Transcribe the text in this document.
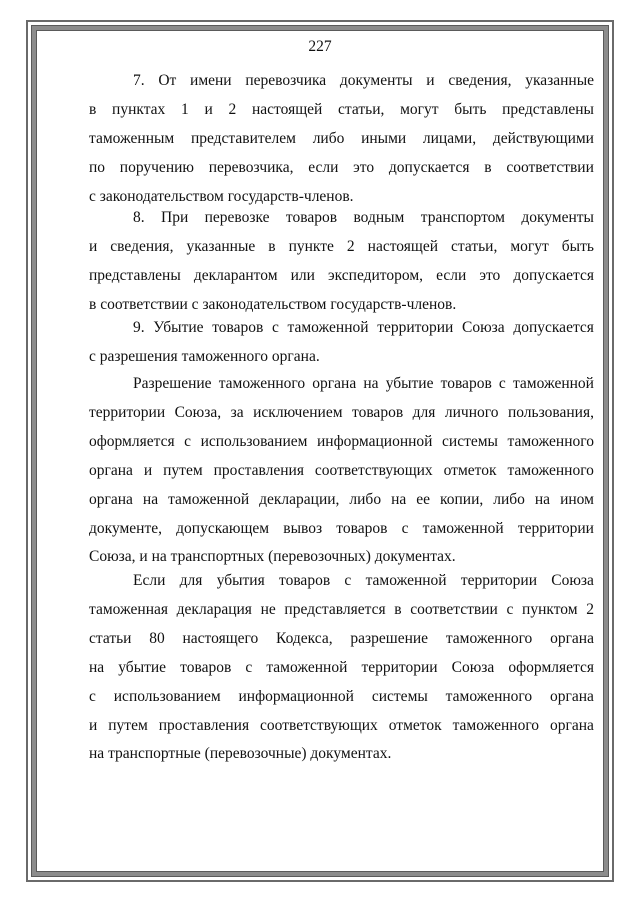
227
7. От имени перевозчика документы и сведения, указанные
в пунктах 1 и 2 настоящей статьи, могут быть представлены
таможенным представителем либо иными лицами, действующими
по поручению перевозчика, если это допускается в соответствии
с законодательством государств-членов.
8. При перевозке товаров водным транспортом документы
и сведения, указанные в пункте 2 настоящей статьи, могут быть
представлены декларантом или экспедитором, если это допускается
в соответствии с законодательством государств-членов.
9. Убытие товаров с таможенной территории Союза допускается
с разрешения таможенного органа.
Разрешение таможенного органа на убытие товаров с таможенной
территории Союза, за исключением товаров для личного пользования,
оформляется с использованием информационной системы таможенного
органа и путем проставления соответствующих отметок таможенного
органа на таможенной декларации, либо на ее копии, либо на ином
документе, допускающем вывоз товаров с таможенной территории
Союза, и на транспортных (перевозочных) документах.
Если для убытия товаров с таможенной территории Союза
таможенная декларация не представляется в соответствии с пунктом 2
статьи 80 настоящего Кодекса, разрешение таможенного органа
на убытие товаров с таможенной территории Союза оформляется
с использованием информационной системы таможенного органа
и путем проставления соответствующих отметок таможенного органа
на транспортные (перевозочные) документах.
